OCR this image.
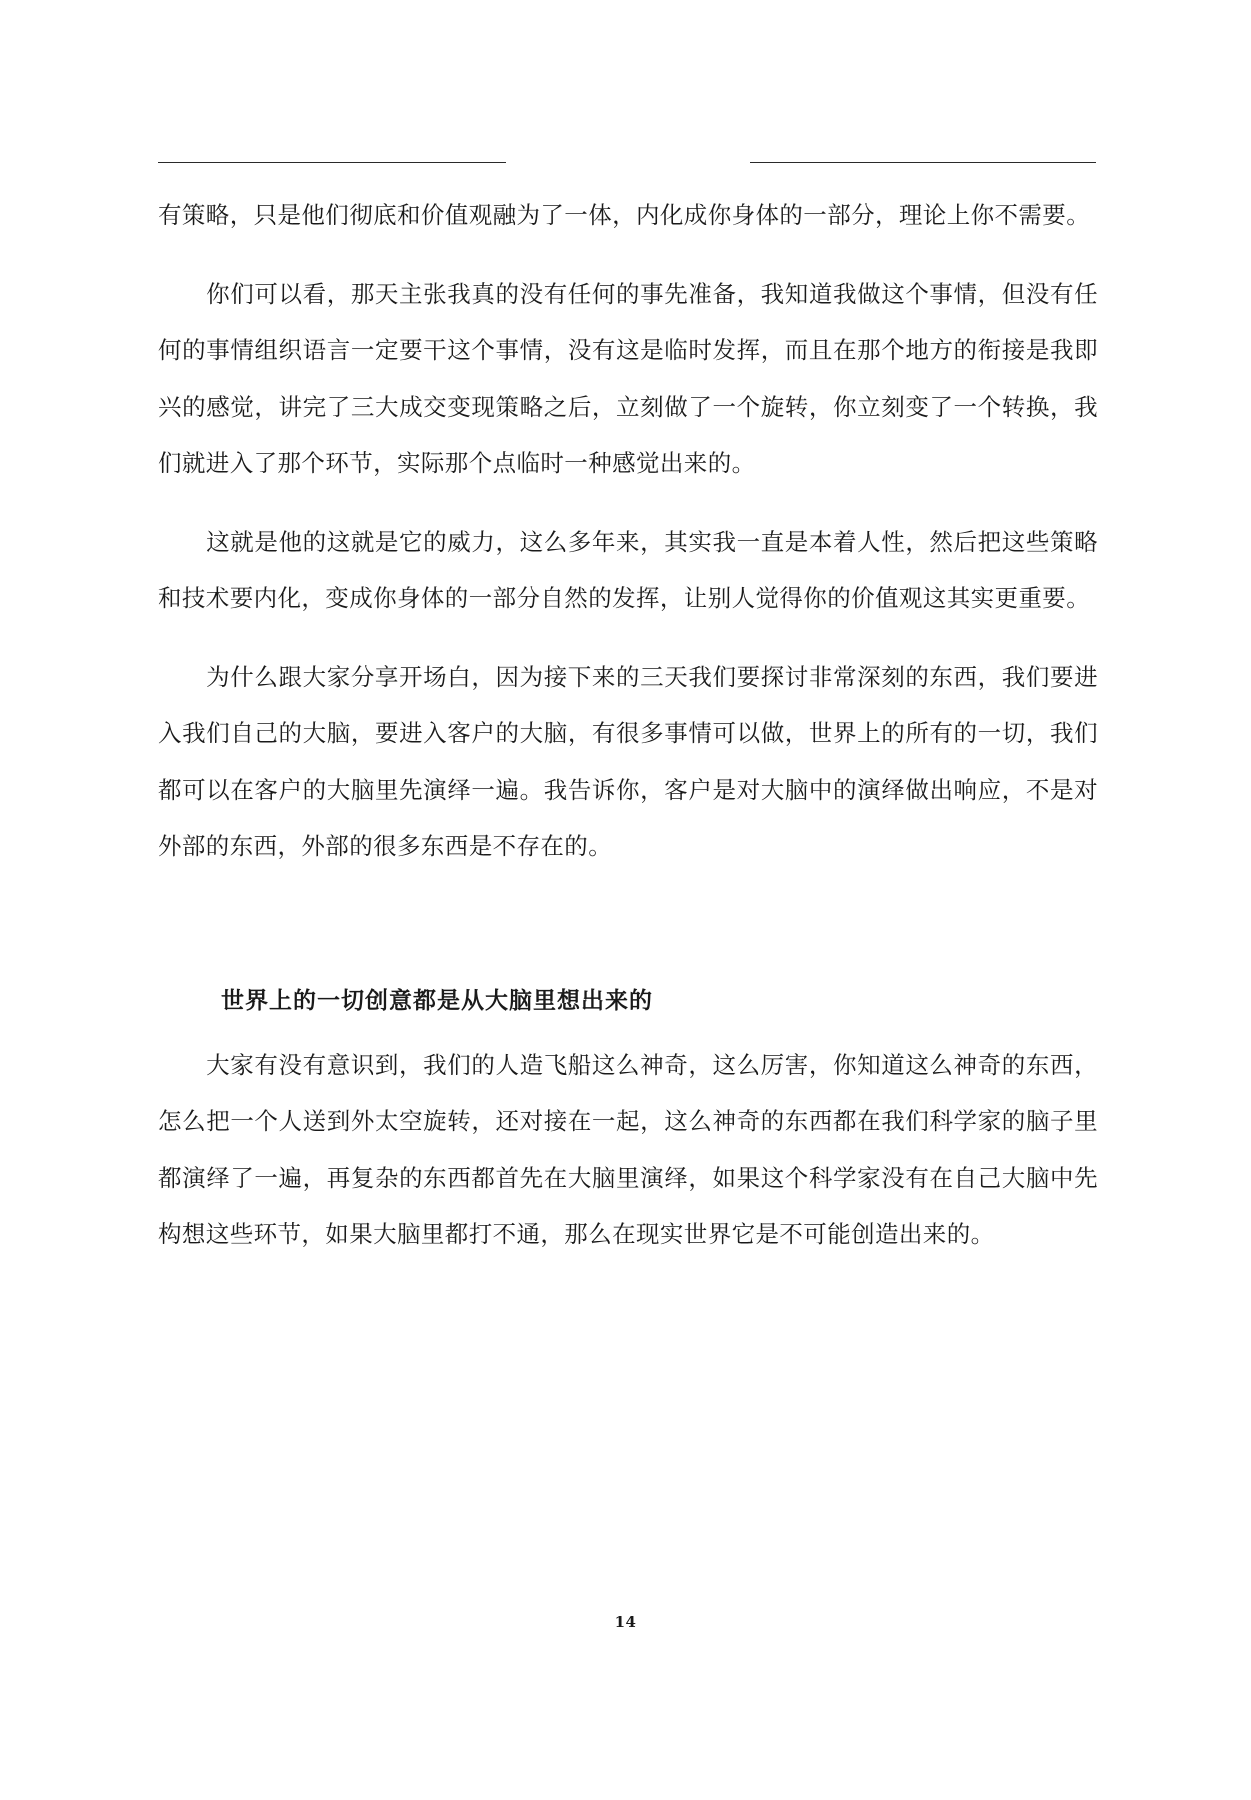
有策略，只是他们彻底和价值观融为了一体，内化成你身体的一部分，理论上你不需要。

你们可以看，那天主张我真的没有任何的事先准备，我知道我做这个事情，但没有任何的事情组织语言一定要干这个事情，没有这是临时发挥，而且在那个地方的衔接是我即兴的感觉，讲完了三大成交变现策略之后，立刻做了一个旋转，你立刻变了一个转换，我们就进入了那个环节，实际那个点临时一种感觉出来的。

这就是他的这就是它的威力，这么多年来，其实我一直是本着人性，然后把这些策略和技术要内化，变成你身体的一部分自然的发挥，让别人觉得你的价值观这其实更重要。

为什么跟大家分享开场白，因为接下来的三天我们要探讨非常深刻的东西，我们要进入我们自己的大脑，要进入客户的大脑，有很多事情可以做，世界上的所有的一切，我们都可以在客户的大脑里先演绎一遍。我告诉你，客户是对大脑中的演绎做出响应，不是对外部的东西，外部的很多东西是不存在的。

世界上的一切创意都是从大脑里想出来的

大家有没有意识到，我们的人造飞船这么神奇，这么厉害，你知道这么神奇的东西，怎么把一个人送到外太空旋转，还对接在一起，这么神奇的东西都在我们科学家的脑子里都演绎了一遍，再复杂的东西都首先在大脑里演绎，如果这个科学家没有在自己大脑中先构想这些环节，如果大脑里都打不通，那么在现实世界它是不可能创造出来的。

14
